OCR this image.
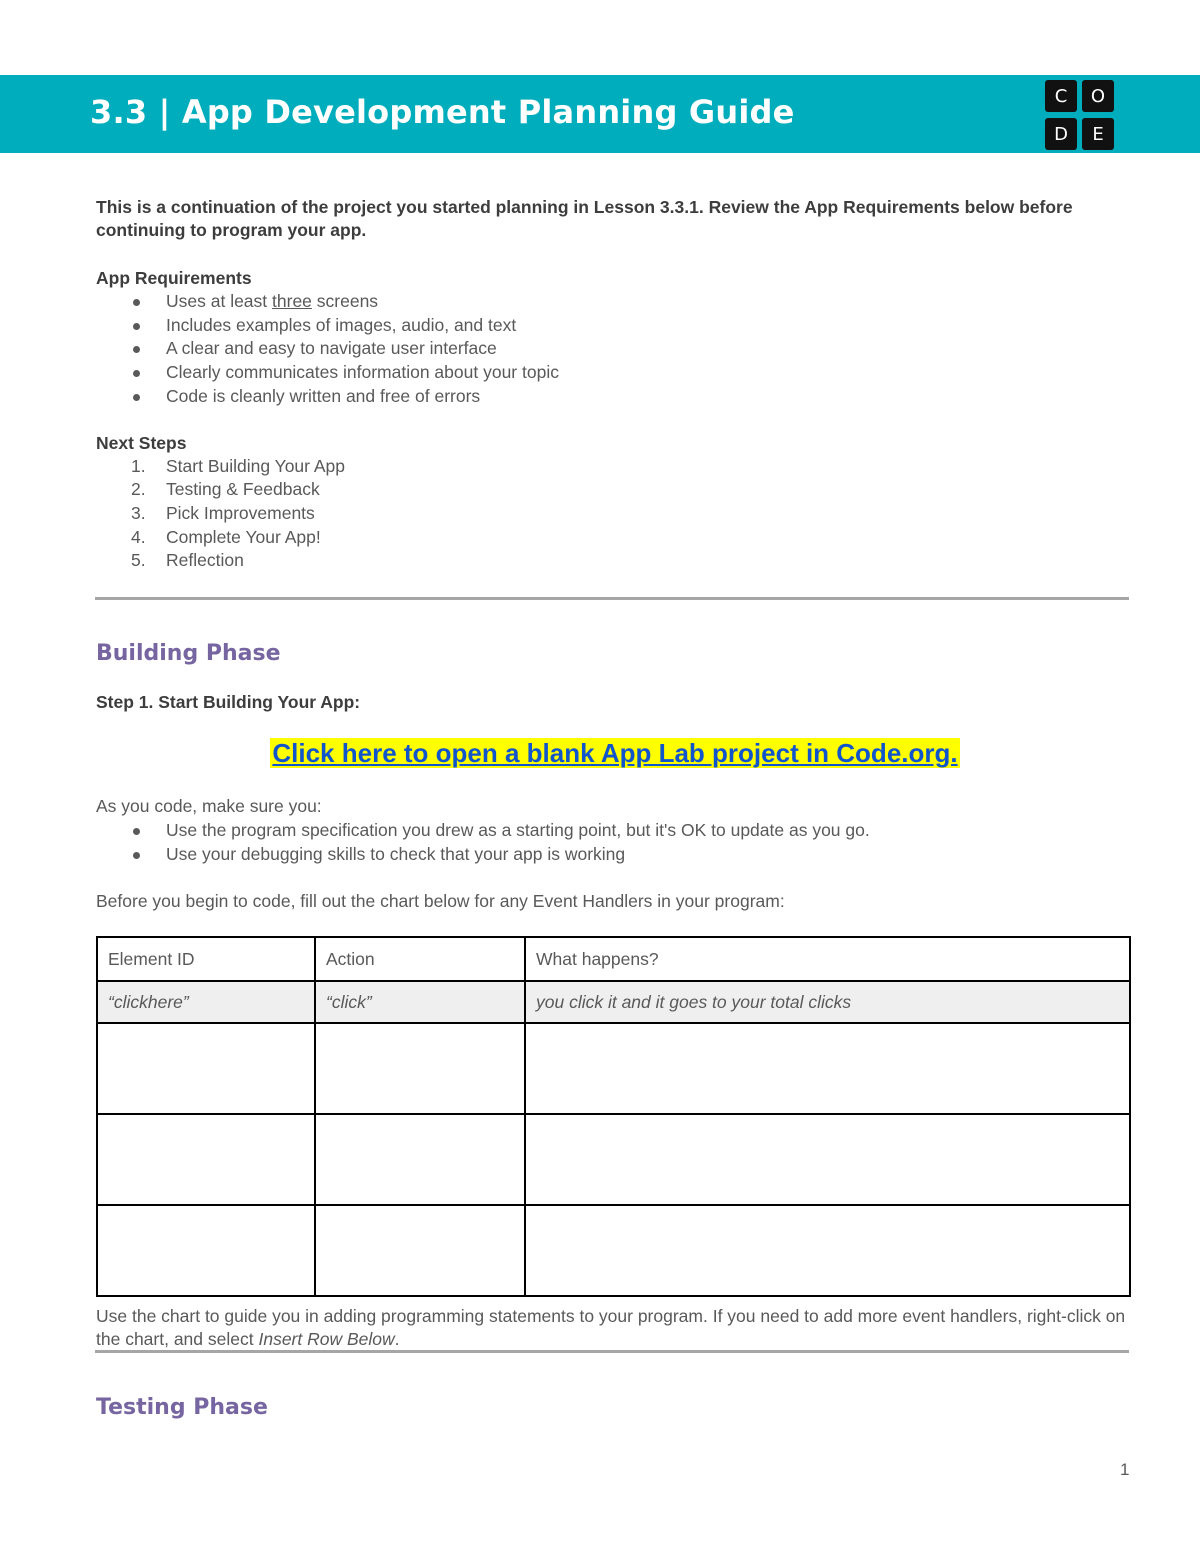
3.3 | App Development Planning Guide	C	O
D	E

This is a continuation of the project you started planning in Lesson 3.3.1. Review the App Requirements below before continuing to program your app.

App Requirements

Uses at least three screens
Includes examples of images, audio, and text
A clear and easy to navigate user interface
Clearly communicates information about your topic
Code is cleanly written and free of errors

Next Steps

1. Start Building Your App
2. Testing & Feedback
3. Pick Improvements
4. Complete Your App!
5. Reflection
Building Phase

Step 1. Start Building Your App:

Click here to open a blank App Lab project in Code.org.

As you code, make sure you:

Use the program specification you drew as a starting point, but it's OK to update as you go.
Use your debugging skills to check that your app is working

Before you begin to code, fill out the chart below for any Event Handlers in your program:

Element ID	Action	What happens?
“clickhere”	“click”	you click it and it goes to your total clicks

Use the chart to guide you in adding programming statements to your program. If you need to add more event handlers, right-click on the chart, and select Insert Row Below.

Testing Phase

1
